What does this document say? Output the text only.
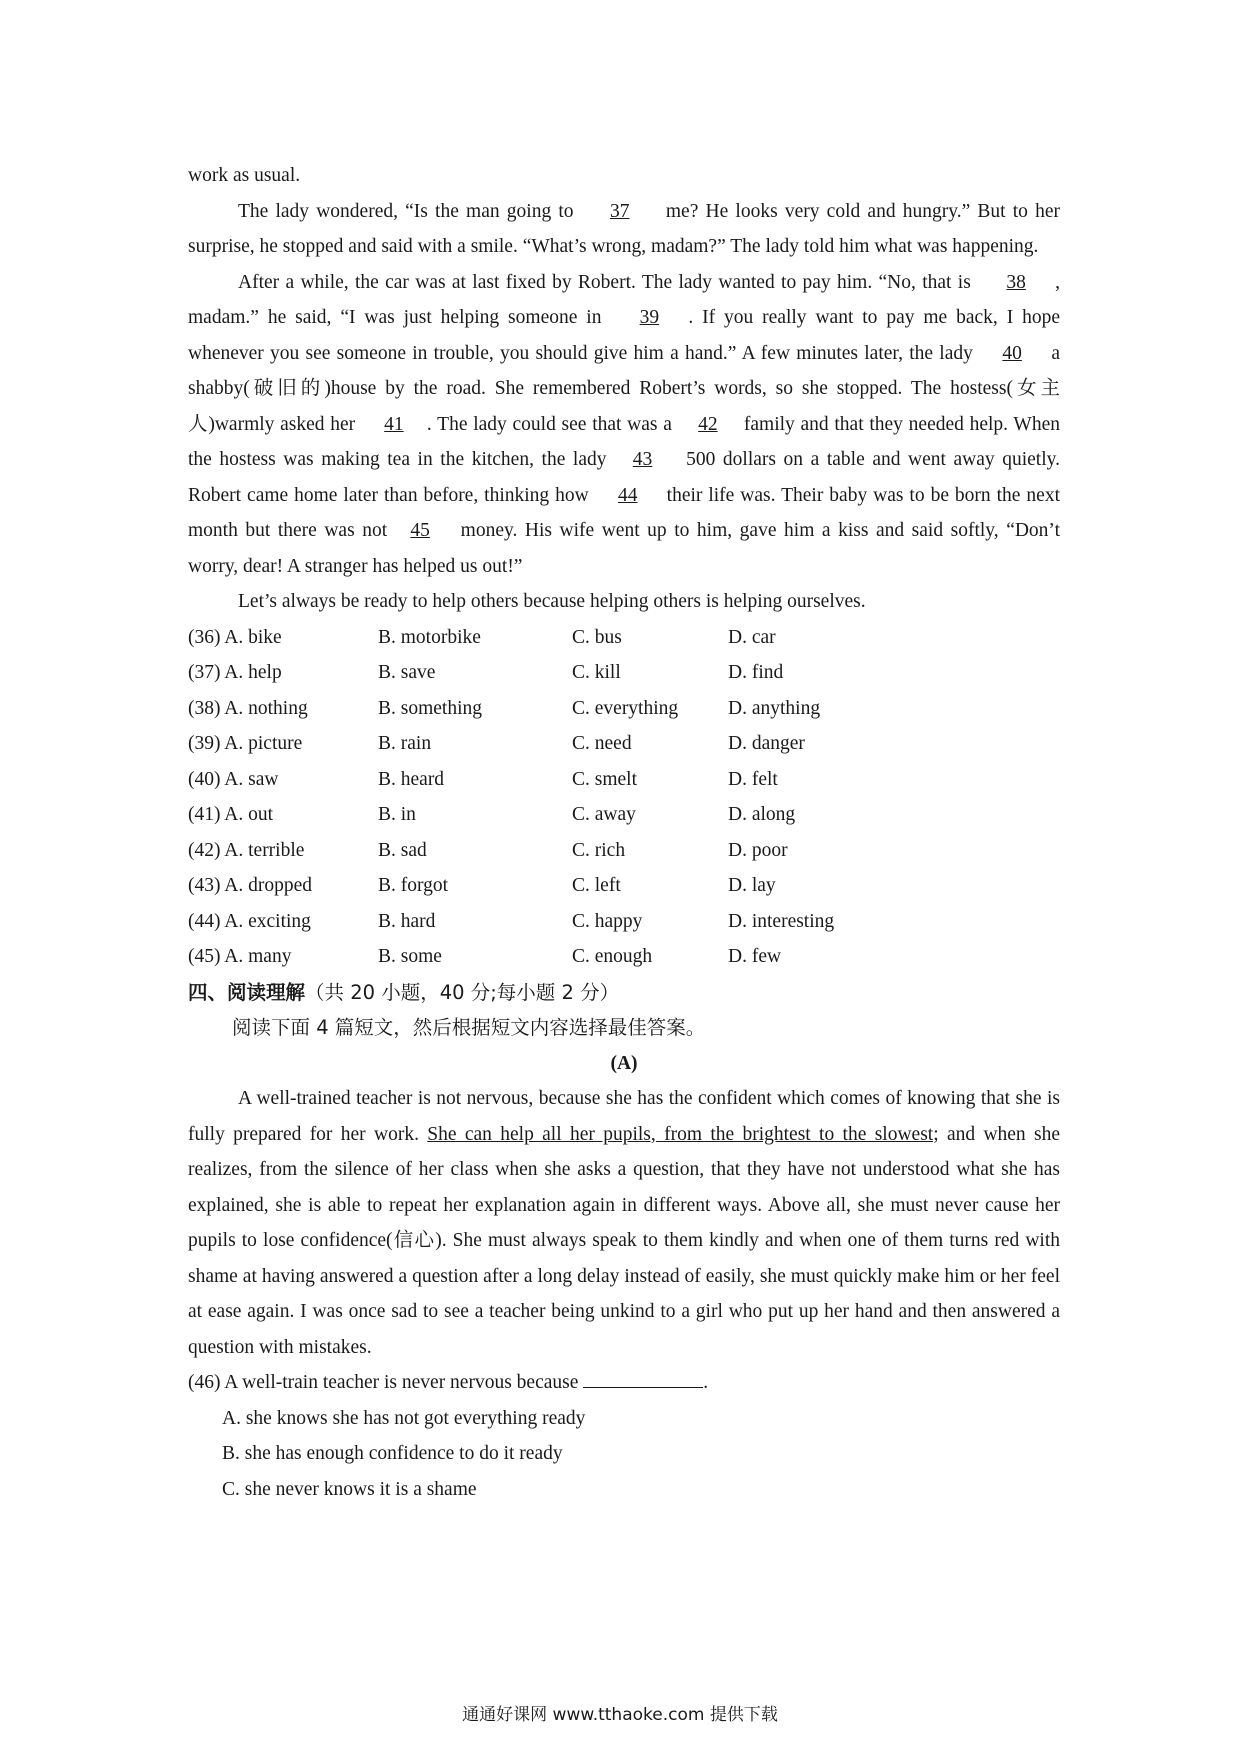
work as usual.

The lady wondered, “Is the man going to 37 me? He looks very cold and hungry.” But to her surprise, he stopped and said with a smile. “What’s wrong, madam?” The lady told him what was happening.

After a while, the car was at last fixed by Robert. The lady wanted to pay him. “No, that is 38 , madam.” he said, “I was just helping someone in 39 . If you really want to pay me back, I hope whenever you see someone in trouble, you should give him a hand.” A few minutes later, the lady 40 a shabby(破旧的)house by the road. She remembered Robert’s words, so she stopped. The hostess(女主人)warmly asked her 41 . The lady could see that was a 42 family and that they needed help. When the hostess was making tea in the kitchen, the lady 43 500 dollars on a table and went away quietly. Robert came home later than before, thinking how 44 their life was. Their baby was to be born the next month but there was not 45 money. His wife went up to him, gave him a kiss and said softly, “Don’t worry, dear! A stranger has helped us out!”

Let’s always be ready to help others because helping others is helping ourselves.

(36) A. bike	B. motorbike	C. bus	D. car
(37) A. help	B. save	C. kill	D. find
(38) A. nothing	B. something	C. everything	D. anything
(39) A. picture	B. rain	C. need	D. danger
(40) A. saw	B. heard	C. smelt	D. felt
(41) A. out	B. in	C. away	D. along
(42) A. terrible	B. sad	C. rich	D. poor
(43) A. dropped	B. forgot	C. left	D. lay
(44) A. exciting	B. hard	C. happy	D. interesting
(45) A. many	B. some	C. enough	D. few
四、阅读理解（共 20 小题，40 分;每小题 2 分）
阅读下面 4 篇短文，然后根据短文内容选择最佳答案。
(A)

A well-trained teacher is not nervous, because she has the confident which comes of knowing that she is fully prepared for her work. She can help all her pupils, from the brightest to the slowest; and when she realizes, from the silence of her class when she asks a question, that they have not understood what she has explained, she is able to repeat her explanation again in different ways. Above all, she must never cause her pupils to lose confidence(信心). She must always speak to them kindly and when one of them turns red with shame at having answered a question after a long delay instead of easily, she must quickly make him or her feel at ease again. I was once sad to see a teacher being unkind to a girl who put up her hand and then answered a question with mistakes.

(46) A well-train teacher is never nervous because	.

A. she knows she has not got everything ready
B. she has enough confidence to do it ready
C. she never knows it is a shame
通通好课网 www.tthaoke.com 提供下载
